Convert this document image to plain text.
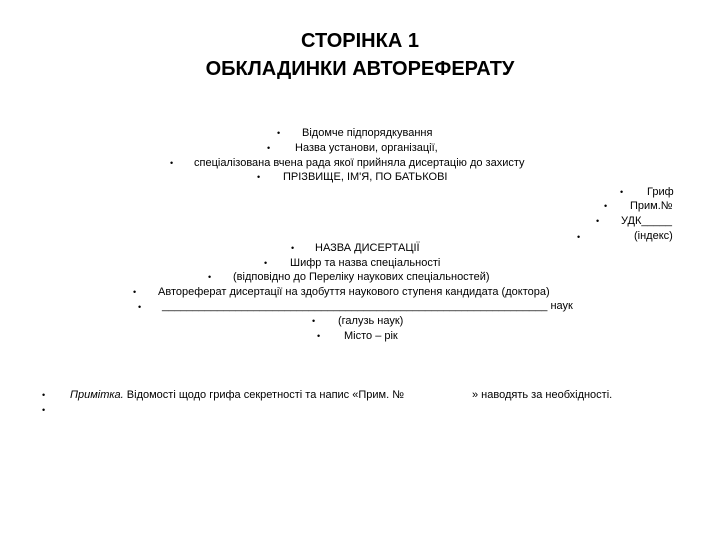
СТОРІНКА 1
ОБКЛАДИНКИ АВТОРЕФЕРАТУ
• Відомче підпорядкування
• Назва установи, організації,
• спеціалізована вчена рада якої прийняла дисертацію до захисту
• ПРІЗВИЩЕ, ІМ'Я, ПО БАТЬКОВІ
• Гриф
• Прим.№
• УДК_____
•	(індекс)
• НАЗВА ДИСЕРТАЦІЇ
• Шифр та назва спеціальності
• (відповідно до Переліку наукових спеціальностей)
• Автореферат дисертації на здобуття наукового ступеня кандидата (доктора)
• _______________________________________________________________ наук
• (галузь наук)
• Місто – рік
• Примітка. Відомості щодо грифа секретності та напис «Прим. №	» наводять за необхідності.
•
